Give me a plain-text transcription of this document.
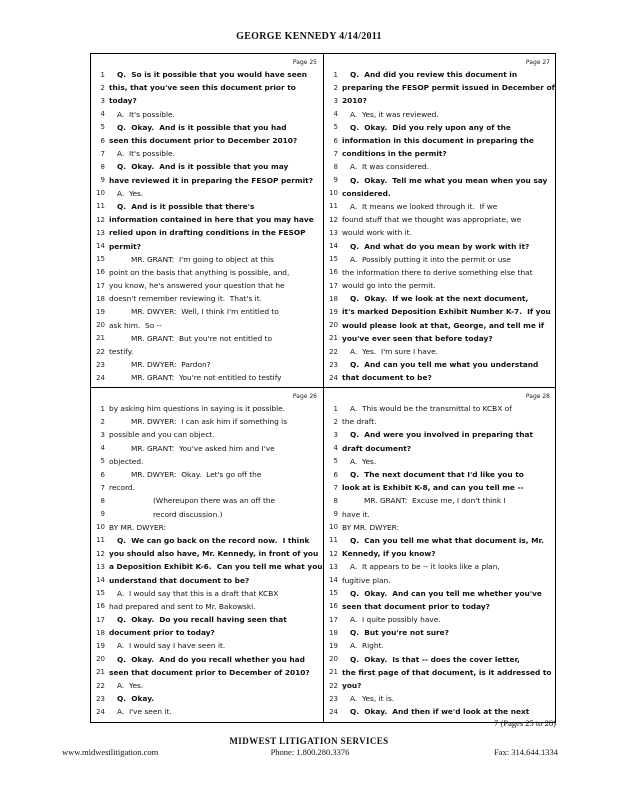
GEORGE KENNEDY 4/14/2011
Page 25
1	Q.  So is it possible that you would have seen
2 this, that you've seen this document prior to
3 today?
4	A.  It's possible.
5	Q.  Okay.  And is it possible that you had
6 seen this document prior to December 2010?
7	A.  It's possible.
8	Q.  Okay.  And is it possible that you may
9 have reviewed it in preparing the FESOP permit?
10	A.  Yes.
11	Q.  And is it possible that there's
12 information contained in here that you may have
13 relied upon in drafting conditions in the FESOP
14 permit?
15	MR. GRANT:  I'm going to object at this
16 point on the basis that anything is possible, and,
17 you know, he's answered your question that he
18 doesn't remember reviewing it.  That's it.
19	MR. DWYER:  Well, I think I'm entitled to
20 ask him.  So --
21	MR. GRANT:  But you're not entitled to
22 testify.
23	MR. DWYER:  Pardon?
24	MR. GRANT:  You're not entitled to testify
Page 27
1	Q.  And did you review this document in
2 preparing the FESOP permit issued in December of
3 2010?
4	A.  Yes, it was reviewed.
5	Q.  Okay.  Did you rely upon any of the
6 information in this document in preparing the
7 conditions in the permit?
8	A.  It was considered.
9	Q.  Okay.  Tell me what you mean when you say
10 considered.
11	A.  It means we looked through it.  If we
12 found stuff that we thought was appropriate, we
13 would work with it.
14	Q.  And what do you mean by work with it?
15	A.  Possibly putting it into the permit or use
16 the information there to derive something else that
17 would go into the permit.
18	Q.  Okay.  If we look at the next document,
19 it's marked Deposition Exhibit Number K-7.  If you
20 would please look at that, George, and tell me if
21 you've ever seen that before today?
22	A.  Yes.  I'm sure I have.
23	Q.  And can you tell me what you understand
24 that document to be?
Page 26
1 by asking him questions in saying is it possible.
2	MR. DWYER:  I can ask him if something is
3 possible and you can object.
4	MR. GRANT:  You've asked him and I've
5 objected.
6	MR. DWYER:  Okay.  Let's go off the
7 record.
8	(Whereupon there was an off the
9	record discussion.)
10 BY MR. DWYER:
11	Q.  We can go back on the record now.  I think
12 you should also have, Mr. Kennedy, in front of you
13 a Deposition Exhibit K-6.  Can you tell me what you
14 understand that document to be?
15	A.  I would say that this is a draft that KCBX
16 had prepared and sent to Mr. Bakowski.
17	Q.  Okay.  Do you recall having seen that
18 document prior to today?
19	A.  I would say I have seen it.
20	Q.  Okay.  And do you recall whether you had
21 seen that document prior to December of 2010?
22	A.  Yes.
23	Q.  Okay.
24	A.  I've seen it.
Page 28
1	A.  This would be the transmittal to KCBX of
2 the draft.
3	Q.  And were you involved in preparing that
4 draft document?
5	A.  Yes.
6	Q.  The next document that I'd like you to
7 look at is Exhibit K-8, and can you tell me --
8	MR. GRANT:  Excuse me, I don't think I
9 have it.
10 BY MR. DWYER:
11	Q.  Can you tell me what that document is, Mr.
12 Kennedy, if you know?
13	A.  It appears to be -- it looks like a plan,
14 fugitive plan.
15	Q.  Okay.  And can you tell me whether you've
16 seen that document prior to today?
17	A.  I quite possibly have.
18	Q.  But you're not sure?
19	A.  Right.
20	Q.  Okay.  Is that -- does the cover letter,
21 the first page of that document, is it addressed to
22 you?
23	A.  Yes, it is.
24	Q.  Okay.  And then if we'd look at the next
7 (Pages 25 to 28)
MIDWEST LITIGATION SERVICES
www.midwestlitigation.com	Phone: 1.800.280.3376	Fax: 314.644.1334
